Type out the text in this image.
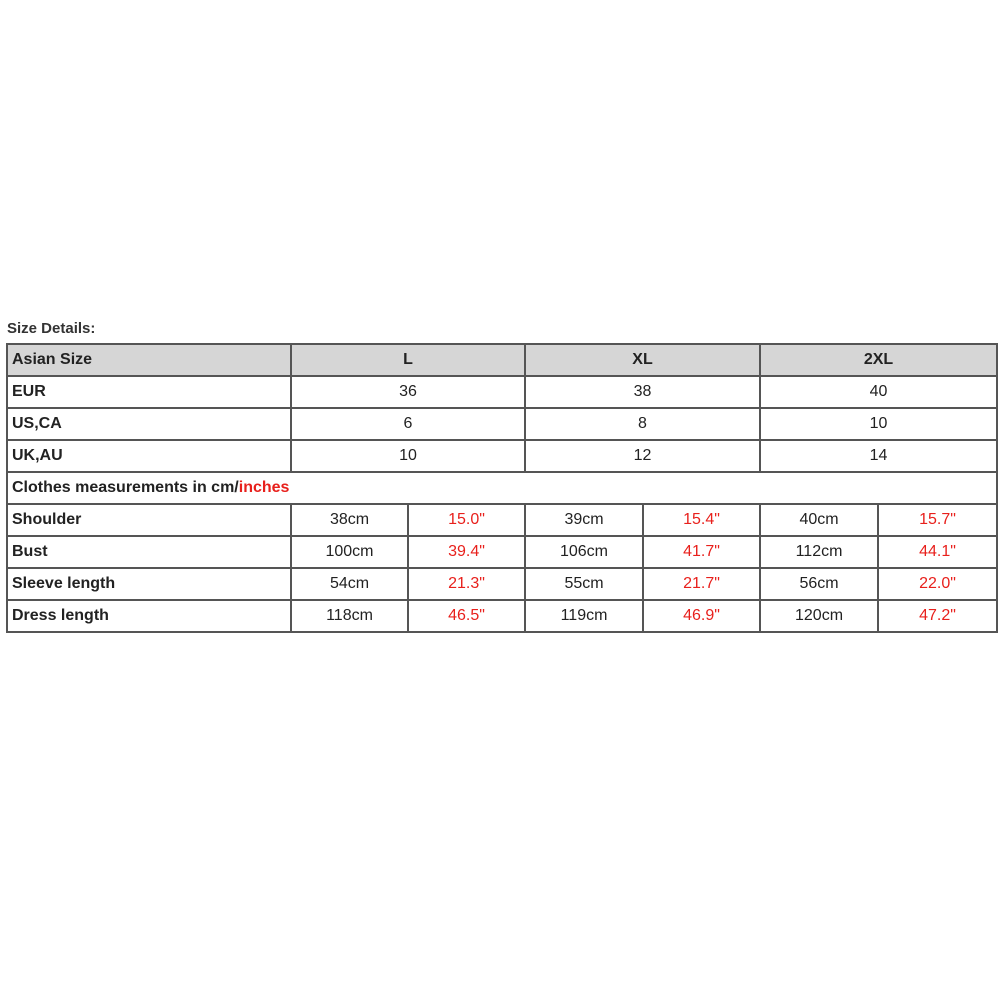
Size Details:
Asian Size	L		XL		2XL	
EUR	36		38		40	
US,CA	6		8		10	
UK,AU	10		12		14	
Clothes measurements in cm/inches						
Shoulder	38cm	15.0"	39cm	15.4"	40cm	15.7"
Bust	100cm	39.4"	106cm	41.7"	112cm	44.1"
Sleeve length	54cm	21.3"	55cm	21.7"	56cm	22.0"
Dress length	118cm	46.5"	119cm	46.9"	120cm	47.2"
